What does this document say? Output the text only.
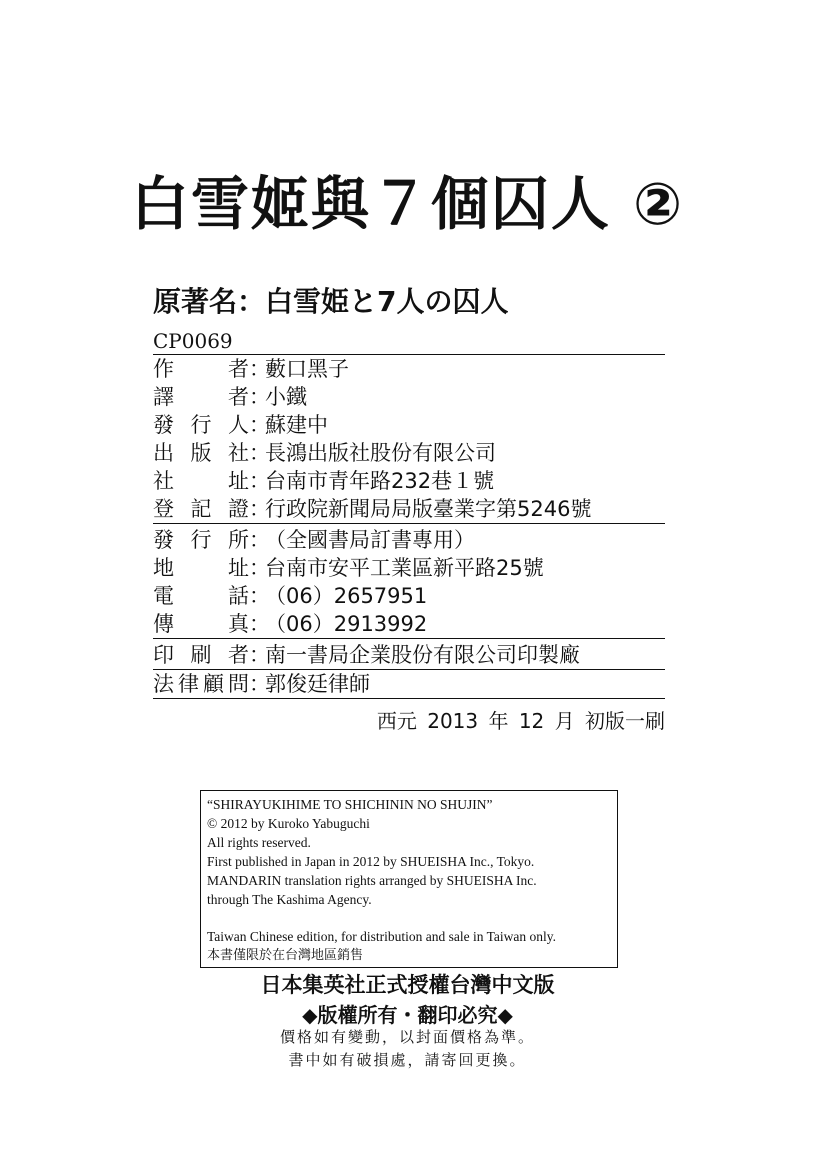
白雪姬與７個囚人 ②
原著名：白雪姫と7人の囚人
CP0069
作者 ：
藪口黑子
譯者 ：
小鐵
發行人 ：
蘇建中
出版社 ：
長鴻出版社股份有限公司
社址 ：
台南市青年路232巷１號
登記證 ：
行政院新聞局局版臺業字第5246號
發行所 ：
（全國書局訂書專用）
地址 ：
台南市安平工業區新平路25號
電話 ：
（06）2657951
傳真 ：
（06）2913992
印刷者 ：
南一書局企業股份有限公司印製廠
法律顧問 ：
郭俊廷律師
西元 2013 年 12 月 初版一刷
“SHIRAYUKIHIME TO SHICHININ NO SHUJIN”
© 2012 by Kuroko Yabuguchi
All rights reserved.
First published in Japan in 2012 by SHUEISHA Inc., Tokyo.
MANDARIN translation rights arranged by SHUEISHA Inc.
through The Kashima Agency.
Taiwan Chinese edition, for distribution and sale in Taiwan only.
本書僅限於在台灣地區銷售
日本集英社正式授權台灣中文版
◆版權所有・翻印必究◆
價格如有變動，以封面價格為準。
書中如有破損處，請寄回更換。
